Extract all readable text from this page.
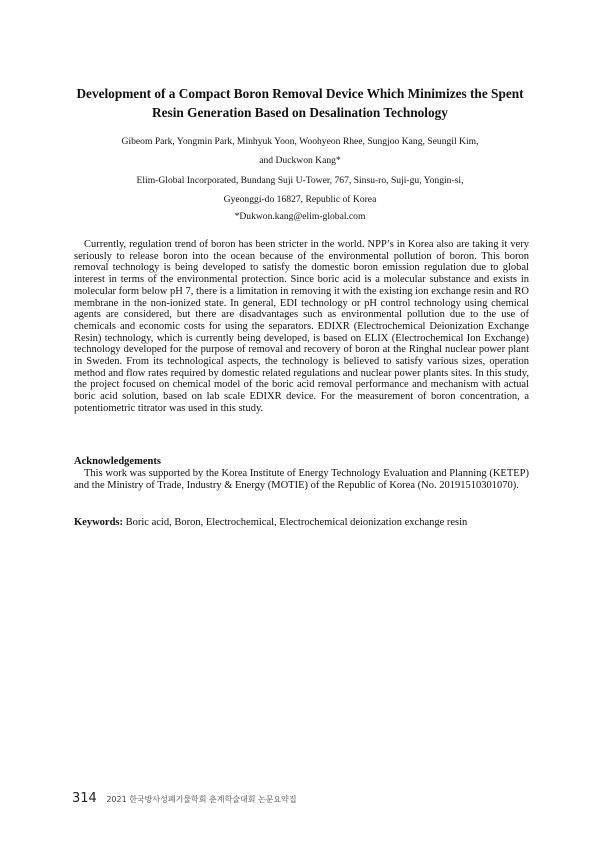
Development of a Compact Boron Removal Device Which Minimizes the Spent
Resin Generation Based on Desalination Technology

Gibeom Park, Yongmin Park, Minhyuk Yoon, Woohyeon Rhee, Sungjoo Kang, Seungil Kim,

and Duckwon Kang*

Elim-Global Incorporated, Bundang Suji U-Tower, 767, Sinsu-ro, Suji-gu, Yongin-si,

Gyeonggi-do 16827, Republic of Korea

*Dukwon.kang@elim-global.com

Currently, regulation trend of boron has been stricter in the world. NPP’s in Korea also are taking it very seriously to release boron into the ocean because of the environmental pollution of boron. This boron removal technology is being developed to satisfy the domestic boron emission regulation due to global interest in terms of the environmental protection. Since boric acid is a molecular substance and exists in molecular form below pH 7, there is a limitation in removing it with the existing ion exchange resin and RO membrane in the non-ionized state. In general, EDI technology or pH control technology using chemical agents are considered, but there are disadvantages such as environmental pollution due to the use of chemicals and economic costs for using the separators. EDIXR (Electrochemical Deionization Exchange Resin) technology, which is currently being developed, is based on ELIX (Electrochemical Ion Exchange) technology developed for the purpose of removal and recovery of boron at the Ringhal nuclear power plant in Sweden. From its technological aspects, the technology is believed to satisfy various sizes, operation method and flow rates required by domestic related regulations and nuclear power plants sites. In this study, the project focused on chemical model of the boric acid removal performance and mechanism with actual boric acid solution, based on lab scale EDIXR device. For the measurement of boron concentration, a potentiometric titrator was used in this study.

Acknowledgements

This work was supported by the Korea Institute of Energy Technology Evaluation and Planning (KETEP) and the Ministry of Trade, Industry & Energy (MOTIE) of the Republic of Korea (No. 20191510301070).

Keywords: Boric acid, Boron, Electrochemical, Electrochemical deionization exchange resin

314 2021 한국방사성폐기물학회 춘계학술대회 논문요약집
